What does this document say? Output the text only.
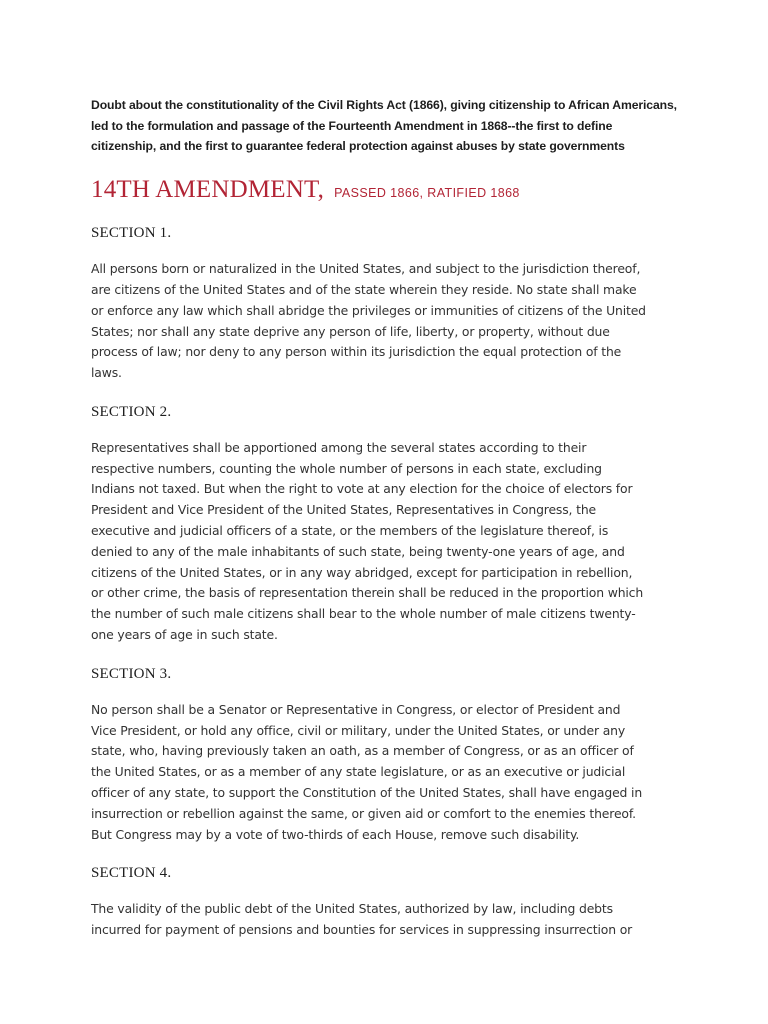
Doubt about the constitutionality of the Civil Rights Act (1866), giving citizenship to African Americans,
led to the formulation and passage of the Fourteenth Amendment in 1868--the first to define
citizenship, and the first to guarantee federal protection against abuses by state governments

14TH AMENDMENT, PASSED 1866, RATIFIED 1868
SECTION 1.

All persons born or naturalized in the United States, and subject to the jurisdiction thereof,
are citizens of the United States and of the state wherein they reside. No state shall make
or enforce any law which shall abridge the privileges or immunities of citizens of the United
States; nor shall any state deprive any person of life, liberty, or property, without due
process of law; nor deny to any person within its jurisdiction the equal protection of the
laws.

SECTION 2.

Representatives shall be apportioned among the several states according to their
respective numbers, counting the whole number of persons in each state, excluding
Indians not taxed. But when the right to vote at any election for the choice of electors for
President and Vice President of the United States, Representatives in Congress, the
executive and judicial officers of a state, or the members of the legislature thereof, is
denied to any of the male inhabitants of such state, being twenty-one years of age, and
citizens of the United States, or in any way abridged, except for participation in rebellion,
or other crime, the basis of representation therein shall be reduced in the proportion which
the number of such male citizens shall bear to the whole number of male citizens twenty-
one years of age in such state.

SECTION 3.

No person shall be a Senator or Representative in Congress, or elector of President and
Vice President, or hold any office, civil or military, under the United States, or under any
state, who, having previously taken an oath, as a member of Congress, or as an officer of
the United States, or as a member of any state legislature, or as an executive or judicial
officer of any state, to support the Constitution of the United States, shall have engaged in
insurrection or rebellion against the same, or given aid or comfort to the enemies thereof.
But Congress may by a vote of two-thirds of each House, remove such disability.

SECTION 4.

The validity of the public debt of the United States, authorized by law, including debts
incurred for payment of pensions and bounties for services in suppressing insurrection or
